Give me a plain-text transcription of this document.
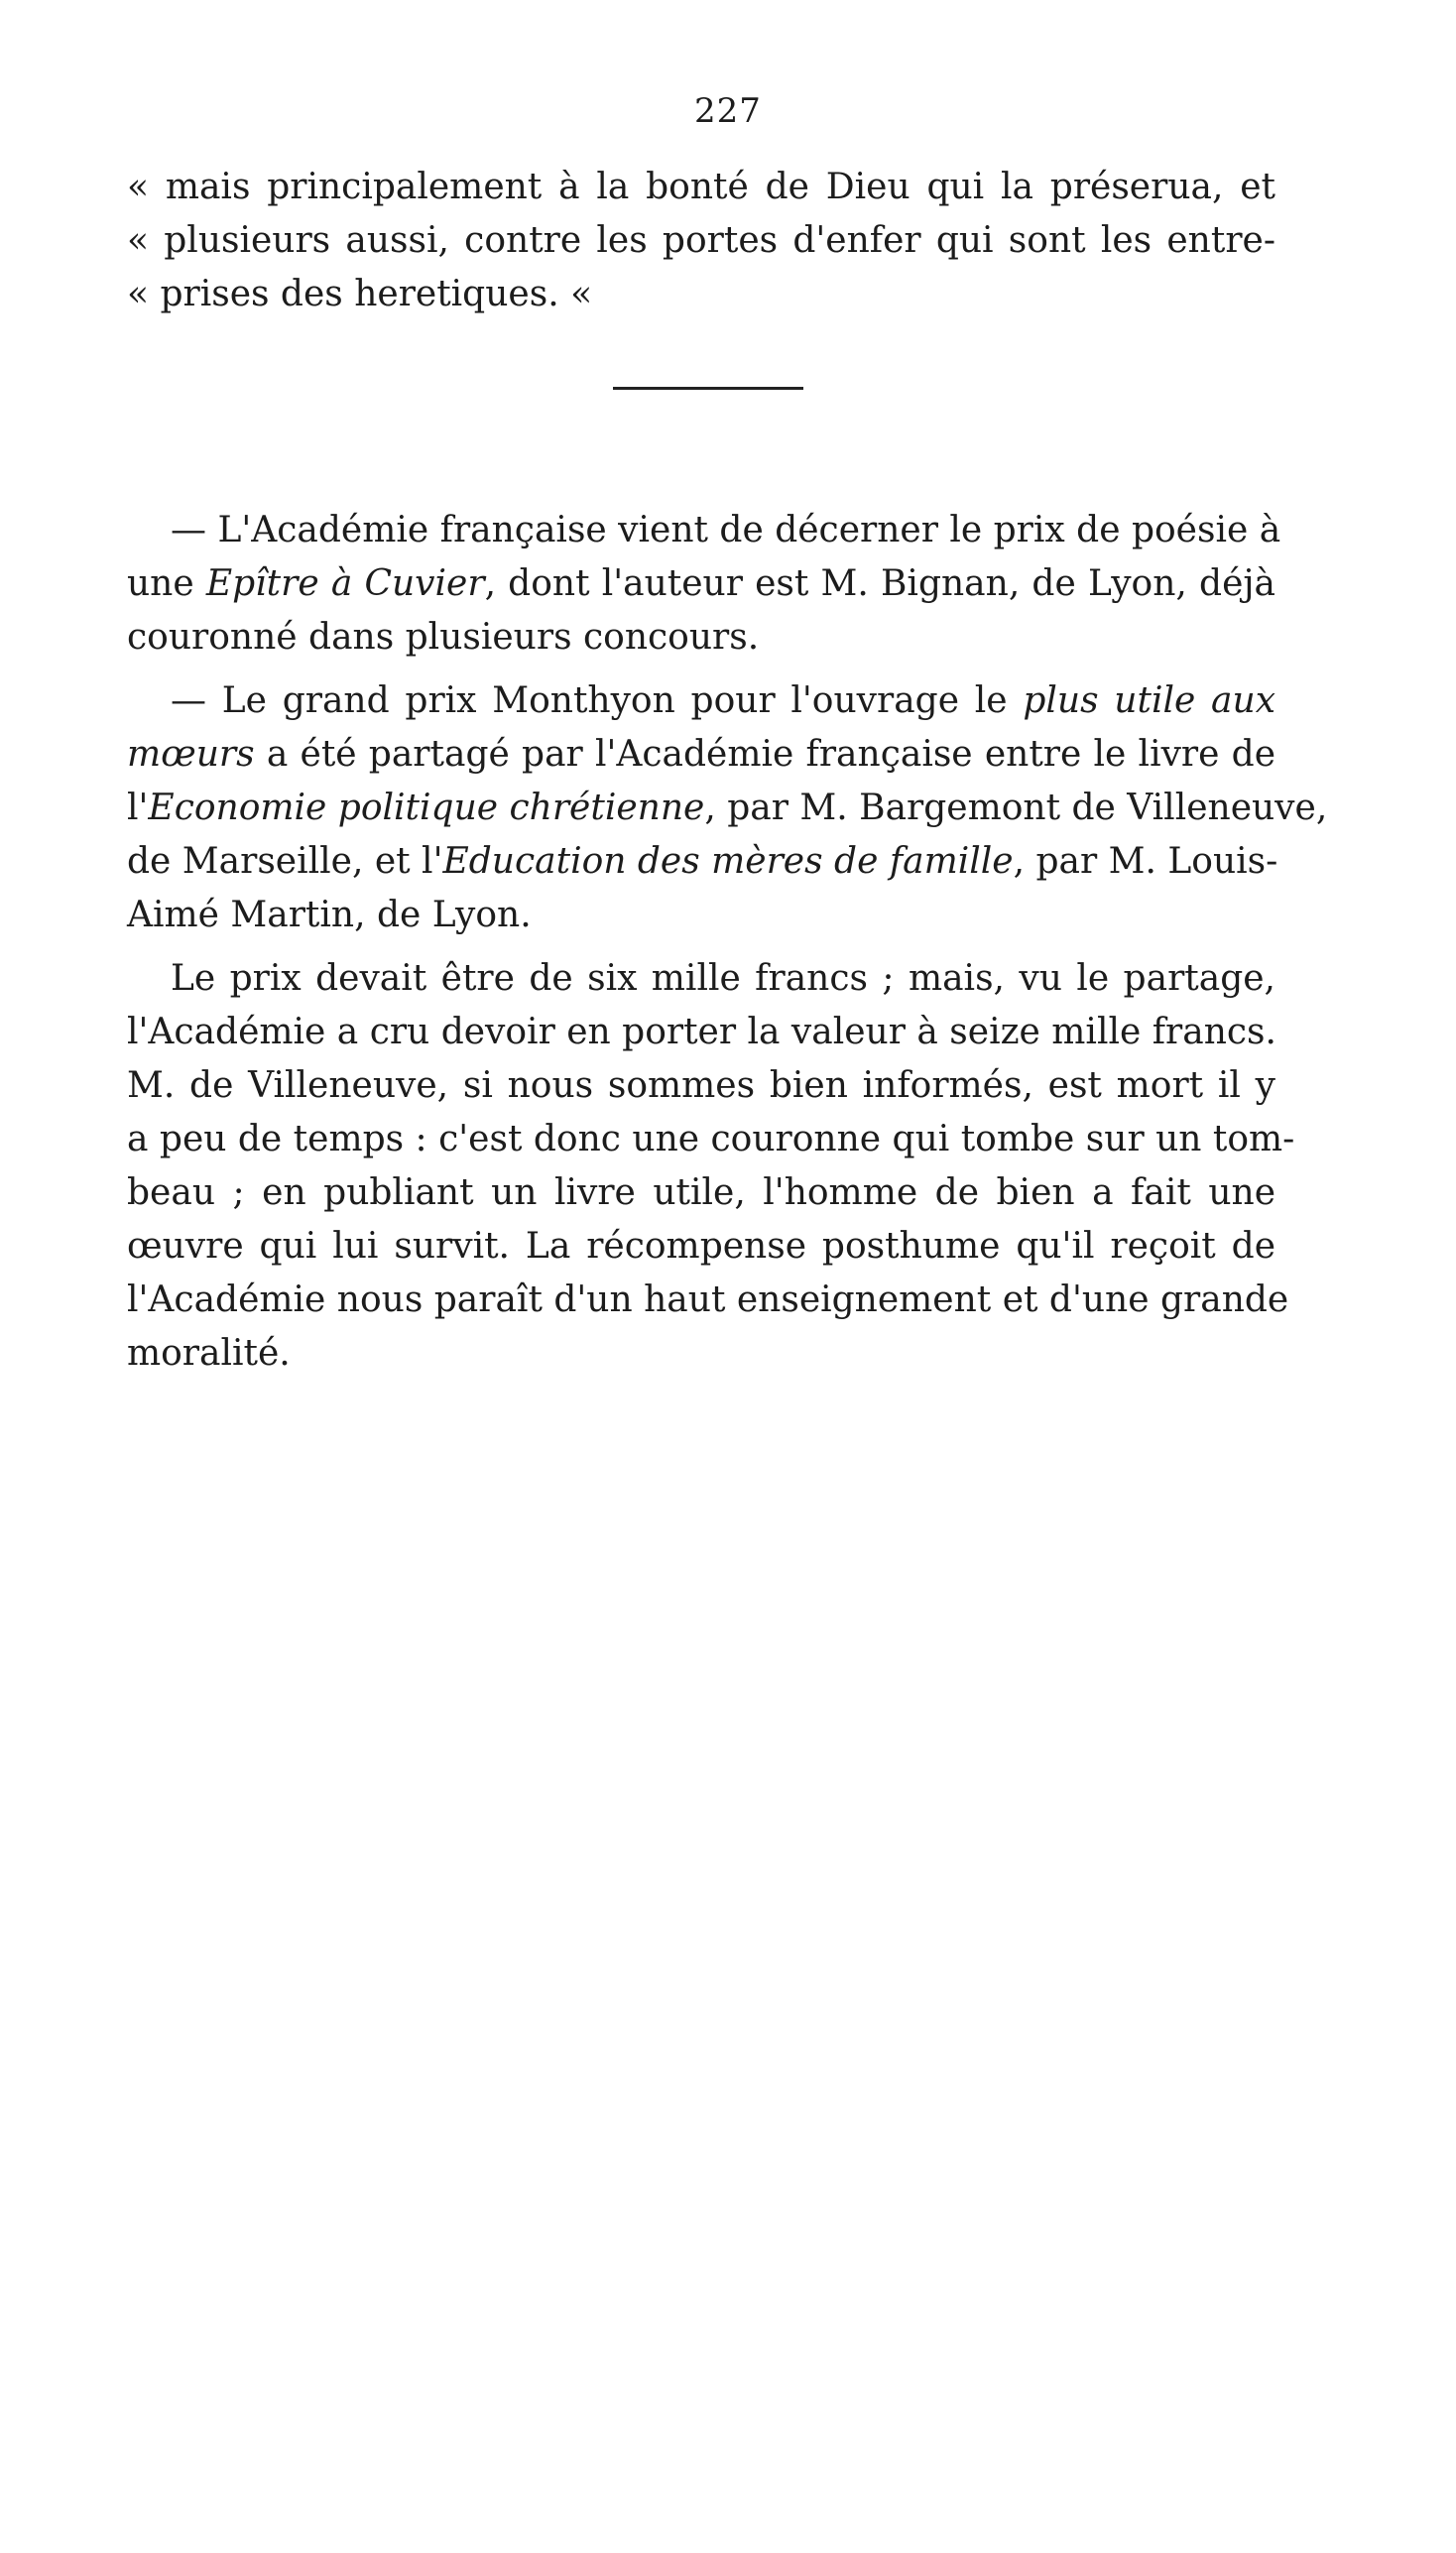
227
« mais principalement à la bonté de Dieu qui la préserua, et
« plusieurs aussi, contre les portes d'enfer qui sont les entre-
« prises des heretiques. «
— L'Académie française vient de décerner le prix de poésie à
une Epître à Cuvier, dont l'auteur est M. Bignan, de Lyon, déjà
couronné dans plusieurs concours.
— Le grand prix Monthyon pour l'ouvrage le plus utile aux
mœurs a été partagé par l'Académie française entre le livre de
l'Economie politique chrétienne, par M. Bargemont de Villeneuve,
de Marseille, et l'Education des mères de famille, par M. Louis-
Aimé Martin, de Lyon.
Le prix devait être de six mille francs ; mais, vu le partage,
l'Académie a cru devoir en porter la valeur à seize mille francs.
M. de Villeneuve, si nous sommes bien informés, est mort il y
a peu de temps : c'est donc une couronne qui tombe sur un tom-
beau ; en publiant un livre utile, l'homme de bien a fait une
œuvre qui lui survit. La récompense posthume qu'il reçoit de
l'Académie nous paraît d'un haut enseignement et d'une grande
moralité.
